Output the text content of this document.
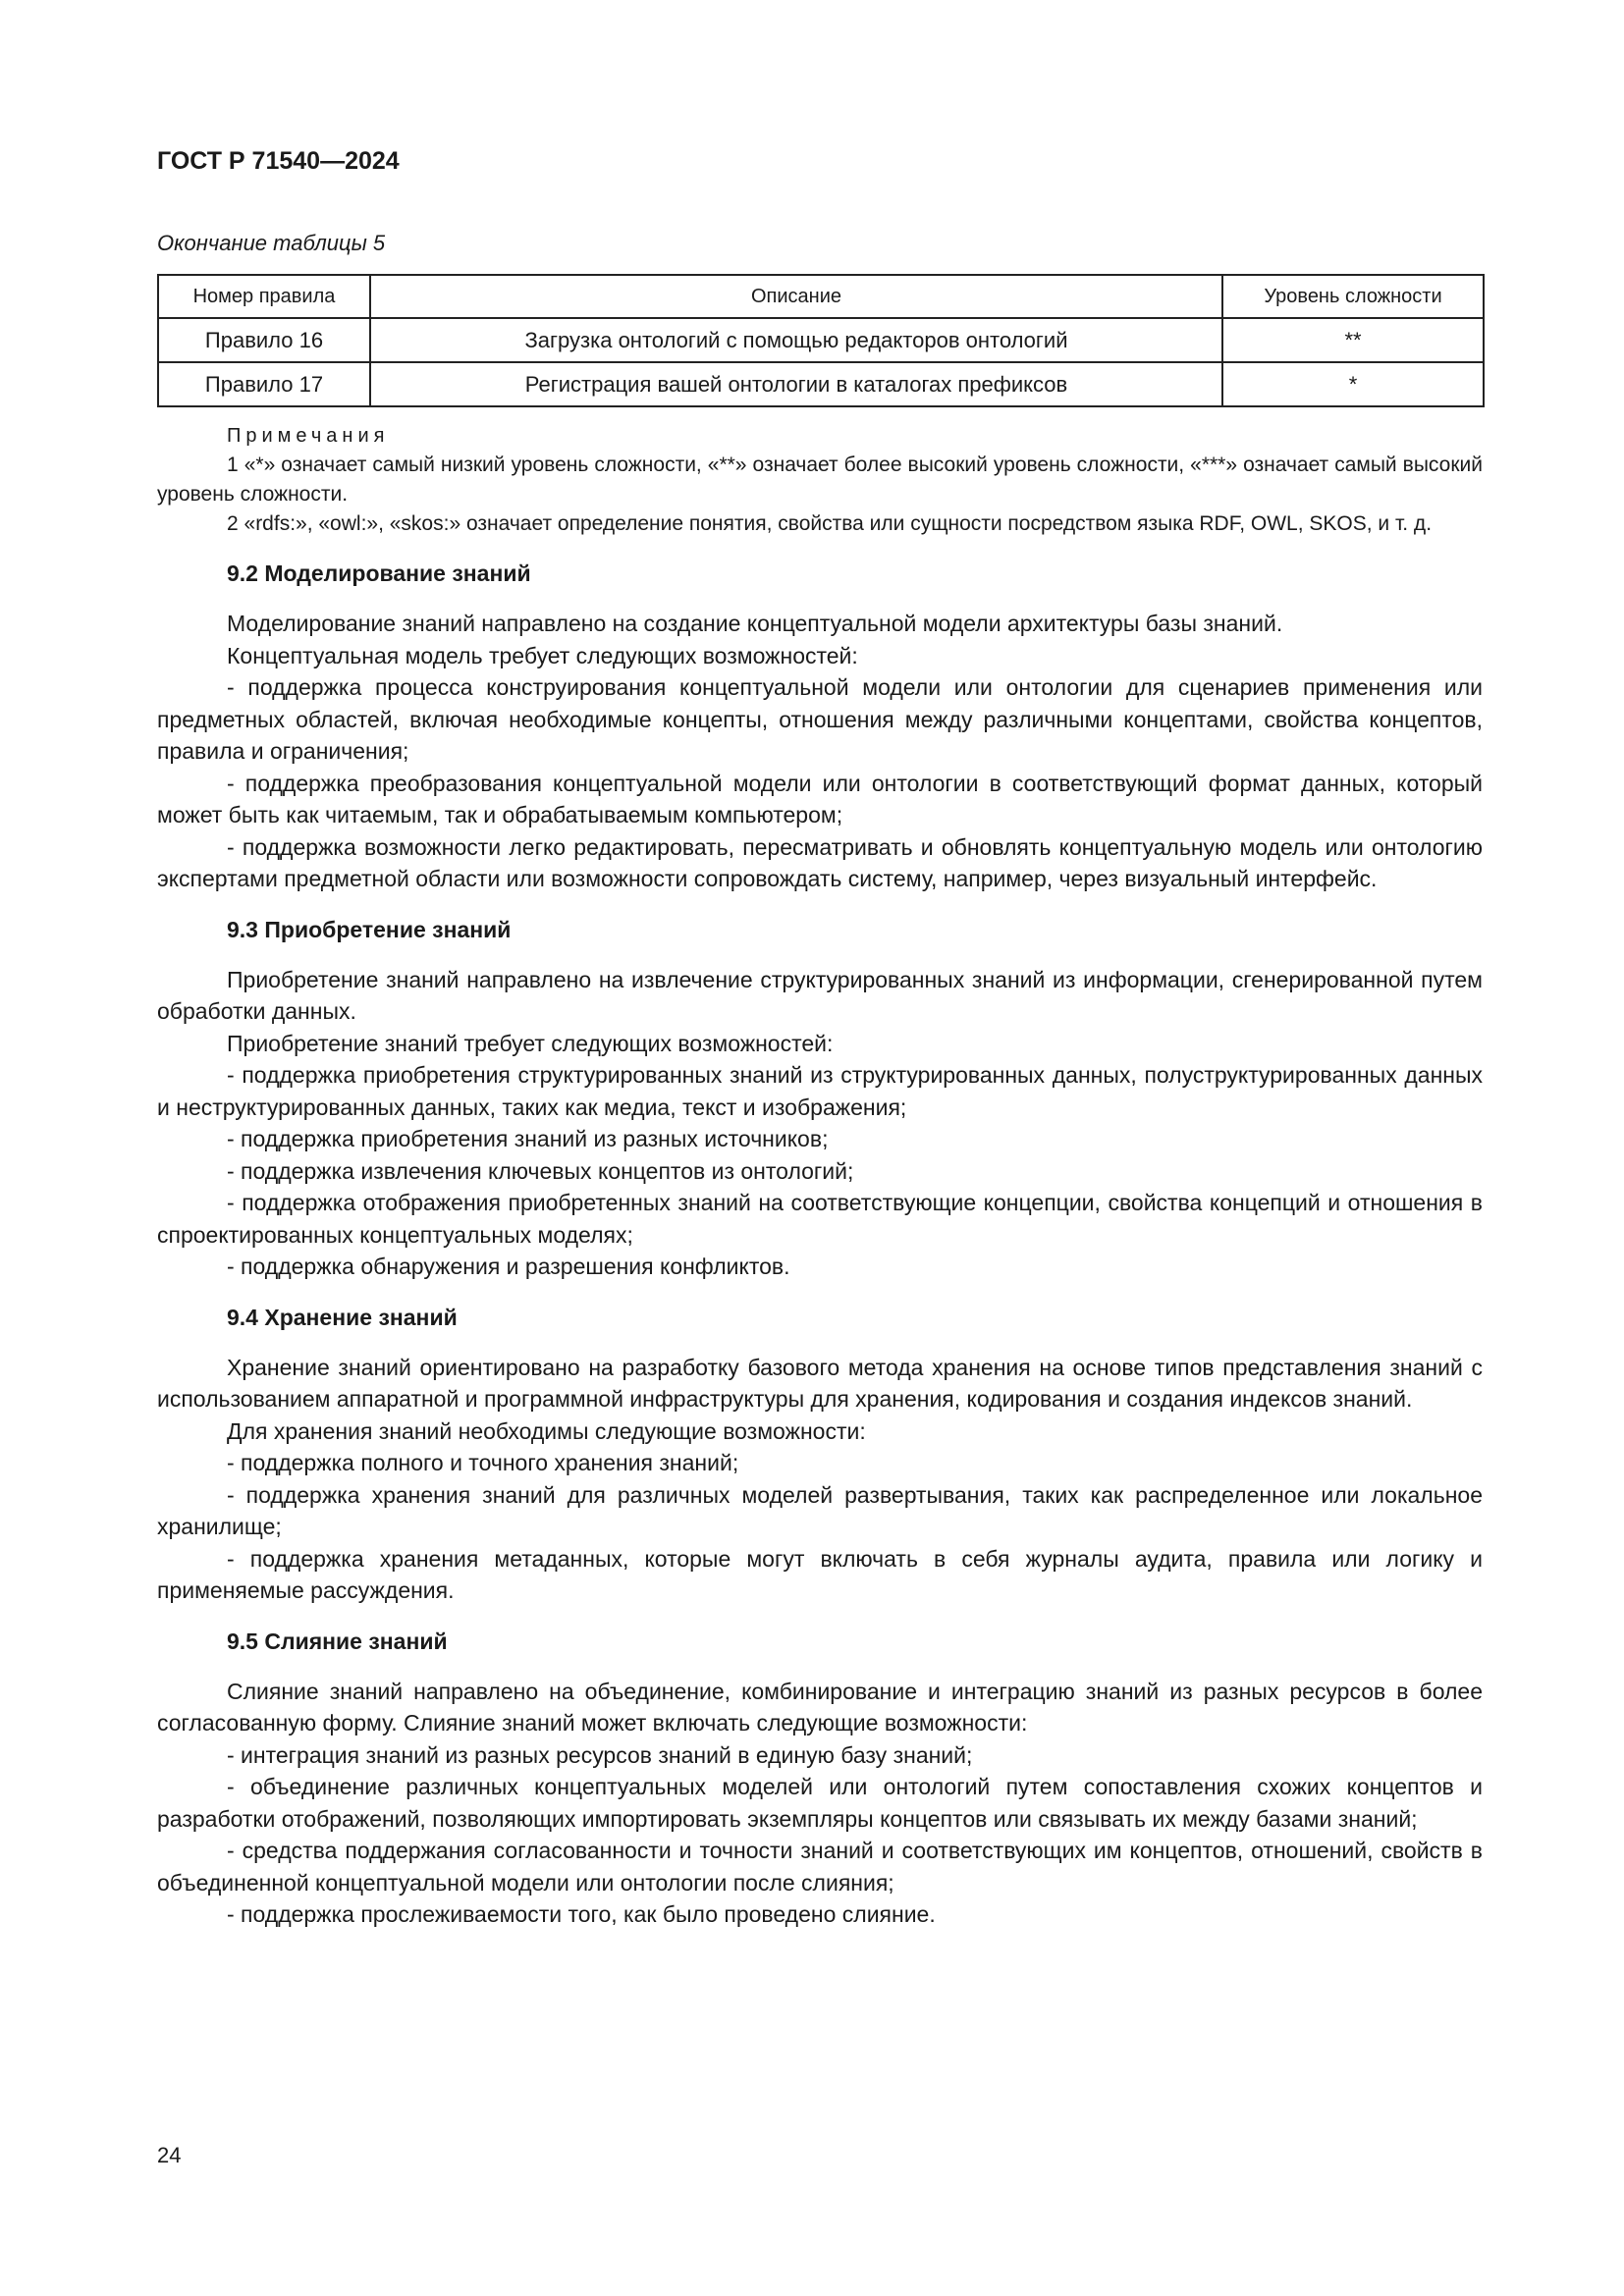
ГОСТ Р 71540—2024
Окончание таблицы 5
Номер правила	Описание	Уровень сложности
Правило 16	Загрузка онтологий с помощью редакторов онтологий	**
Правило 17	Регистрация вашей онтологии в каталогах префиксов	*
Примечания
1 «*» означает самый низкий уровень сложности, «**» означает более высокий уровень сложности, «***» означает самый высокий уровень сложности.
2 «rdfs:», «owl:», «skos:» означает определение понятия, свойства или сущности посредством языка RDF, OWL, SKOS, и т. д.
9.2 Моделирование знаний
Моделирование знаний направлено на создание концептуальной модели архитектуры базы знаний.
Концептуальная модель требует следующих возможностей:
- поддержка процесса конструирования концептуальной модели или онтологии для сценариев применения или предметных областей, включая необходимые концепты, отношения между различными концептами, свойства концептов, правила и ограничения;
- поддержка преобразования концептуальной модели или онтологии в соответствующий формат данных, который может быть как читаемым, так и обрабатываемым компьютером;
- поддержка возможности легко редактировать, пересматривать и обновлять концептуальную модель или онтологию экспертами предметной области или возможности сопровождать систему, например, через визуальный интерфейс.
9.3 Приобретение знаний
Приобретение знаний направлено на извлечение структурированных знаний из информации, сгенерированной путем обработки данных.
Приобретение знаний требует следующих возможностей:
- поддержка приобретения структурированных знаний из структурированных данных, полуструктурированных данных и неструктурированных данных, таких как медиа, текст и изображения;
- поддержка приобретения знаний из разных источников;
- поддержка извлечения ключевых концептов из онтологий;
- поддержка отображения приобретенных знаний на соответствующие концепции, свойства концепций и отношения в спроектированных концептуальных моделях;
- поддержка обнаружения и разрешения конфликтов.
9.4 Хранение знаний
Хранение знаний ориентировано на разработку базового метода хранения на основе типов представления знаний с использованием аппаратной и программной инфраструктуры для хранения, кодирования и создания индексов знаний.
Для хранения знаний необходимы следующие возможности:
- поддержка полного и точного хранения знаний;
- поддержка хранения знаний для различных моделей развертывания, таких как распределенное или локальное хранилище;
- поддержка хранения метаданных, которые могут включать в себя журналы аудита, правила или логику и применяемые рассуждения.
9.5 Слияние знаний
Слияние знаний направлено на объединение, комбинирование и интеграцию знаний из разных ресурсов в более согласованную форму. Слияние знаний может включать следующие возможности:
- интеграция знаний из разных ресурсов знаний в единую базу знаний;
- объединение различных концептуальных моделей или онтологий путем сопоставления схожих концептов и разработки отображений, позволяющих импортировать экземпляры концептов или связывать их между базами знаний;
- средства поддержания согласованности и точности знаний и соответствующих им концептов, отношений, свойств в объединенной концептуальной модели или онтологии после слияния;
- поддержка прослеживаемости того, как было проведено слияние.
24
